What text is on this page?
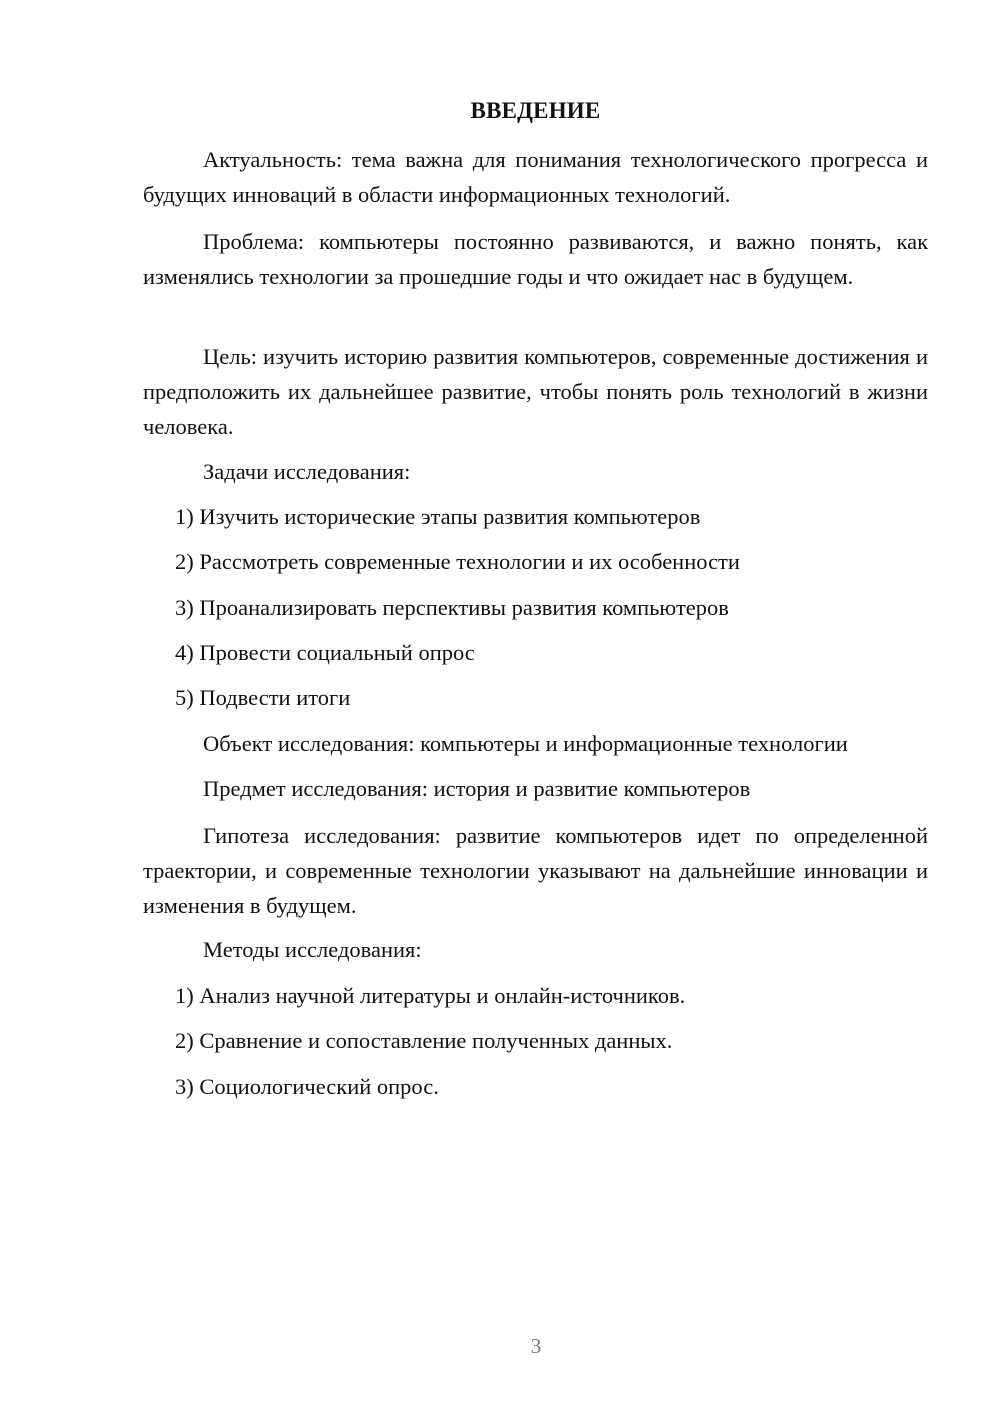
ВВЕДЕНИЕ

Актуальность: тема важна для понимания технологического прогресса и будущих инноваций в области информационных технологий.

Проблема: компьютеры постоянно развиваются, и важно понять, как изменялись технологии за прошедшие годы и что ожидает нас в будущем.

Цель: изучить историю развития компьютеров, современные достижения и предположить их дальнейшее развитие, чтобы понять роль технологий в жизни человека.

Задачи исследования:

1) Изучить исторические этапы развития компьютеров

2) Рассмотреть современные технологии и их особенности

3) Проанализировать перспективы развития компьютеров

4) Провести социальный опрос

5) Подвести итоги

Объект исследования: компьютеры и информационные технологии

Предмет исследования: история и развитие компьютеров

Гипотеза исследования: развитие компьютеров идет по определенной траектории, и современные технологии указывают на дальнейшие инновации и изменения в будущем.

Методы исследования:

1) Анализ научной литературы и онлайн-источников.

2) Сравнение и сопоставление полученных данных.

3) Социологический опрос.

3
